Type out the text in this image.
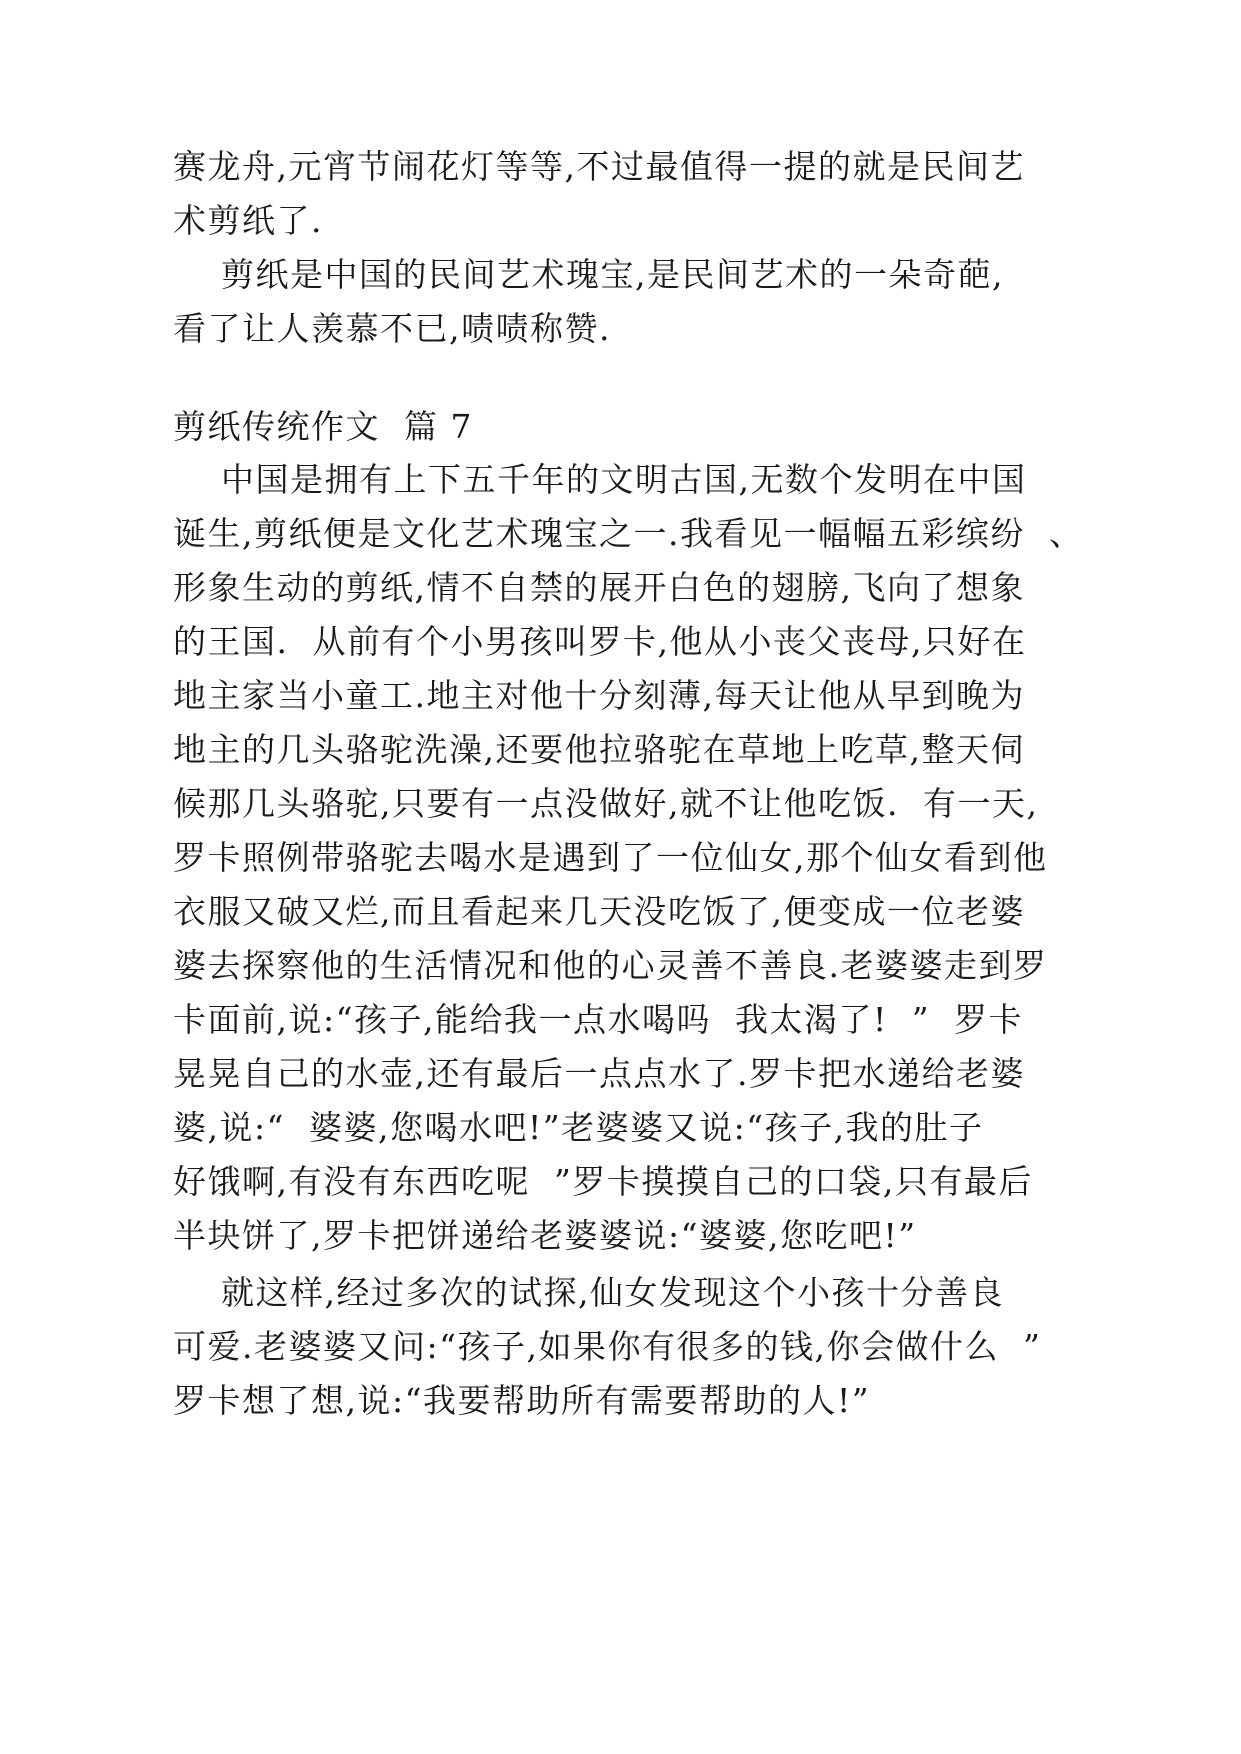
赛龙舟,元宵节闹花灯等等,不过最值得一提的就是民间艺

术剪纸了.

剪纸是中国的民间艺术瑰宝,是民间艺术的一朵奇葩,

看了让人羡慕不已,啧啧称赞.

剪纸传统作文  篇 7

中国是拥有上下五千年的文明古国,无数个发明在中国

诞生,剪纸便是文化艺术瑰宝之一.我看见一幅幅五彩缤纷  、

形象生动的剪纸,情不自禁的展开白色的翅膀,飞向了想象

的王国.  从前有个小男孩叫罗卡,他从小丧父丧母,只好在

地主家当小童工.地主对他十分刻薄,每天让他从早到晚为

地主的几头骆驼洗澡,还要他拉骆驼在草地上吃草,整天伺

候那几头骆驼,只要有一点没做好,就不让他吃饭.  有一天,

罗卡照例带骆驼去喝水是遇到了一位仙女,那个仙女看到他

衣服又破又烂,而且看起来几天没吃饭了,便变成一位老婆

婆去探察他的生活情况和他的心灵善不善良.老婆婆走到罗

卡面前,说:“孩子,能给我一点水喝吗  我太渴了!  ”  罗卡

晃晃自己的水壶,还有最后一点点水了.罗卡把水递给老婆

婆,说:“  婆婆,您喝水吧!”老婆婆又说:“孩子,我的肚子

好饿啊,有没有东西吃呢  ”罗卡摸摸自己的口袋,只有最后

半块饼了,罗卡把饼递给老婆婆说:“婆婆,您吃吧!”

就这样,经过多次的试探,仙女发现这个小孩十分善良

可爱.老婆婆又问:“孩子,如果你有很多的钱,你会做什么  ”

罗卡想了想,说:“我要帮助所有需要帮助的人!”
